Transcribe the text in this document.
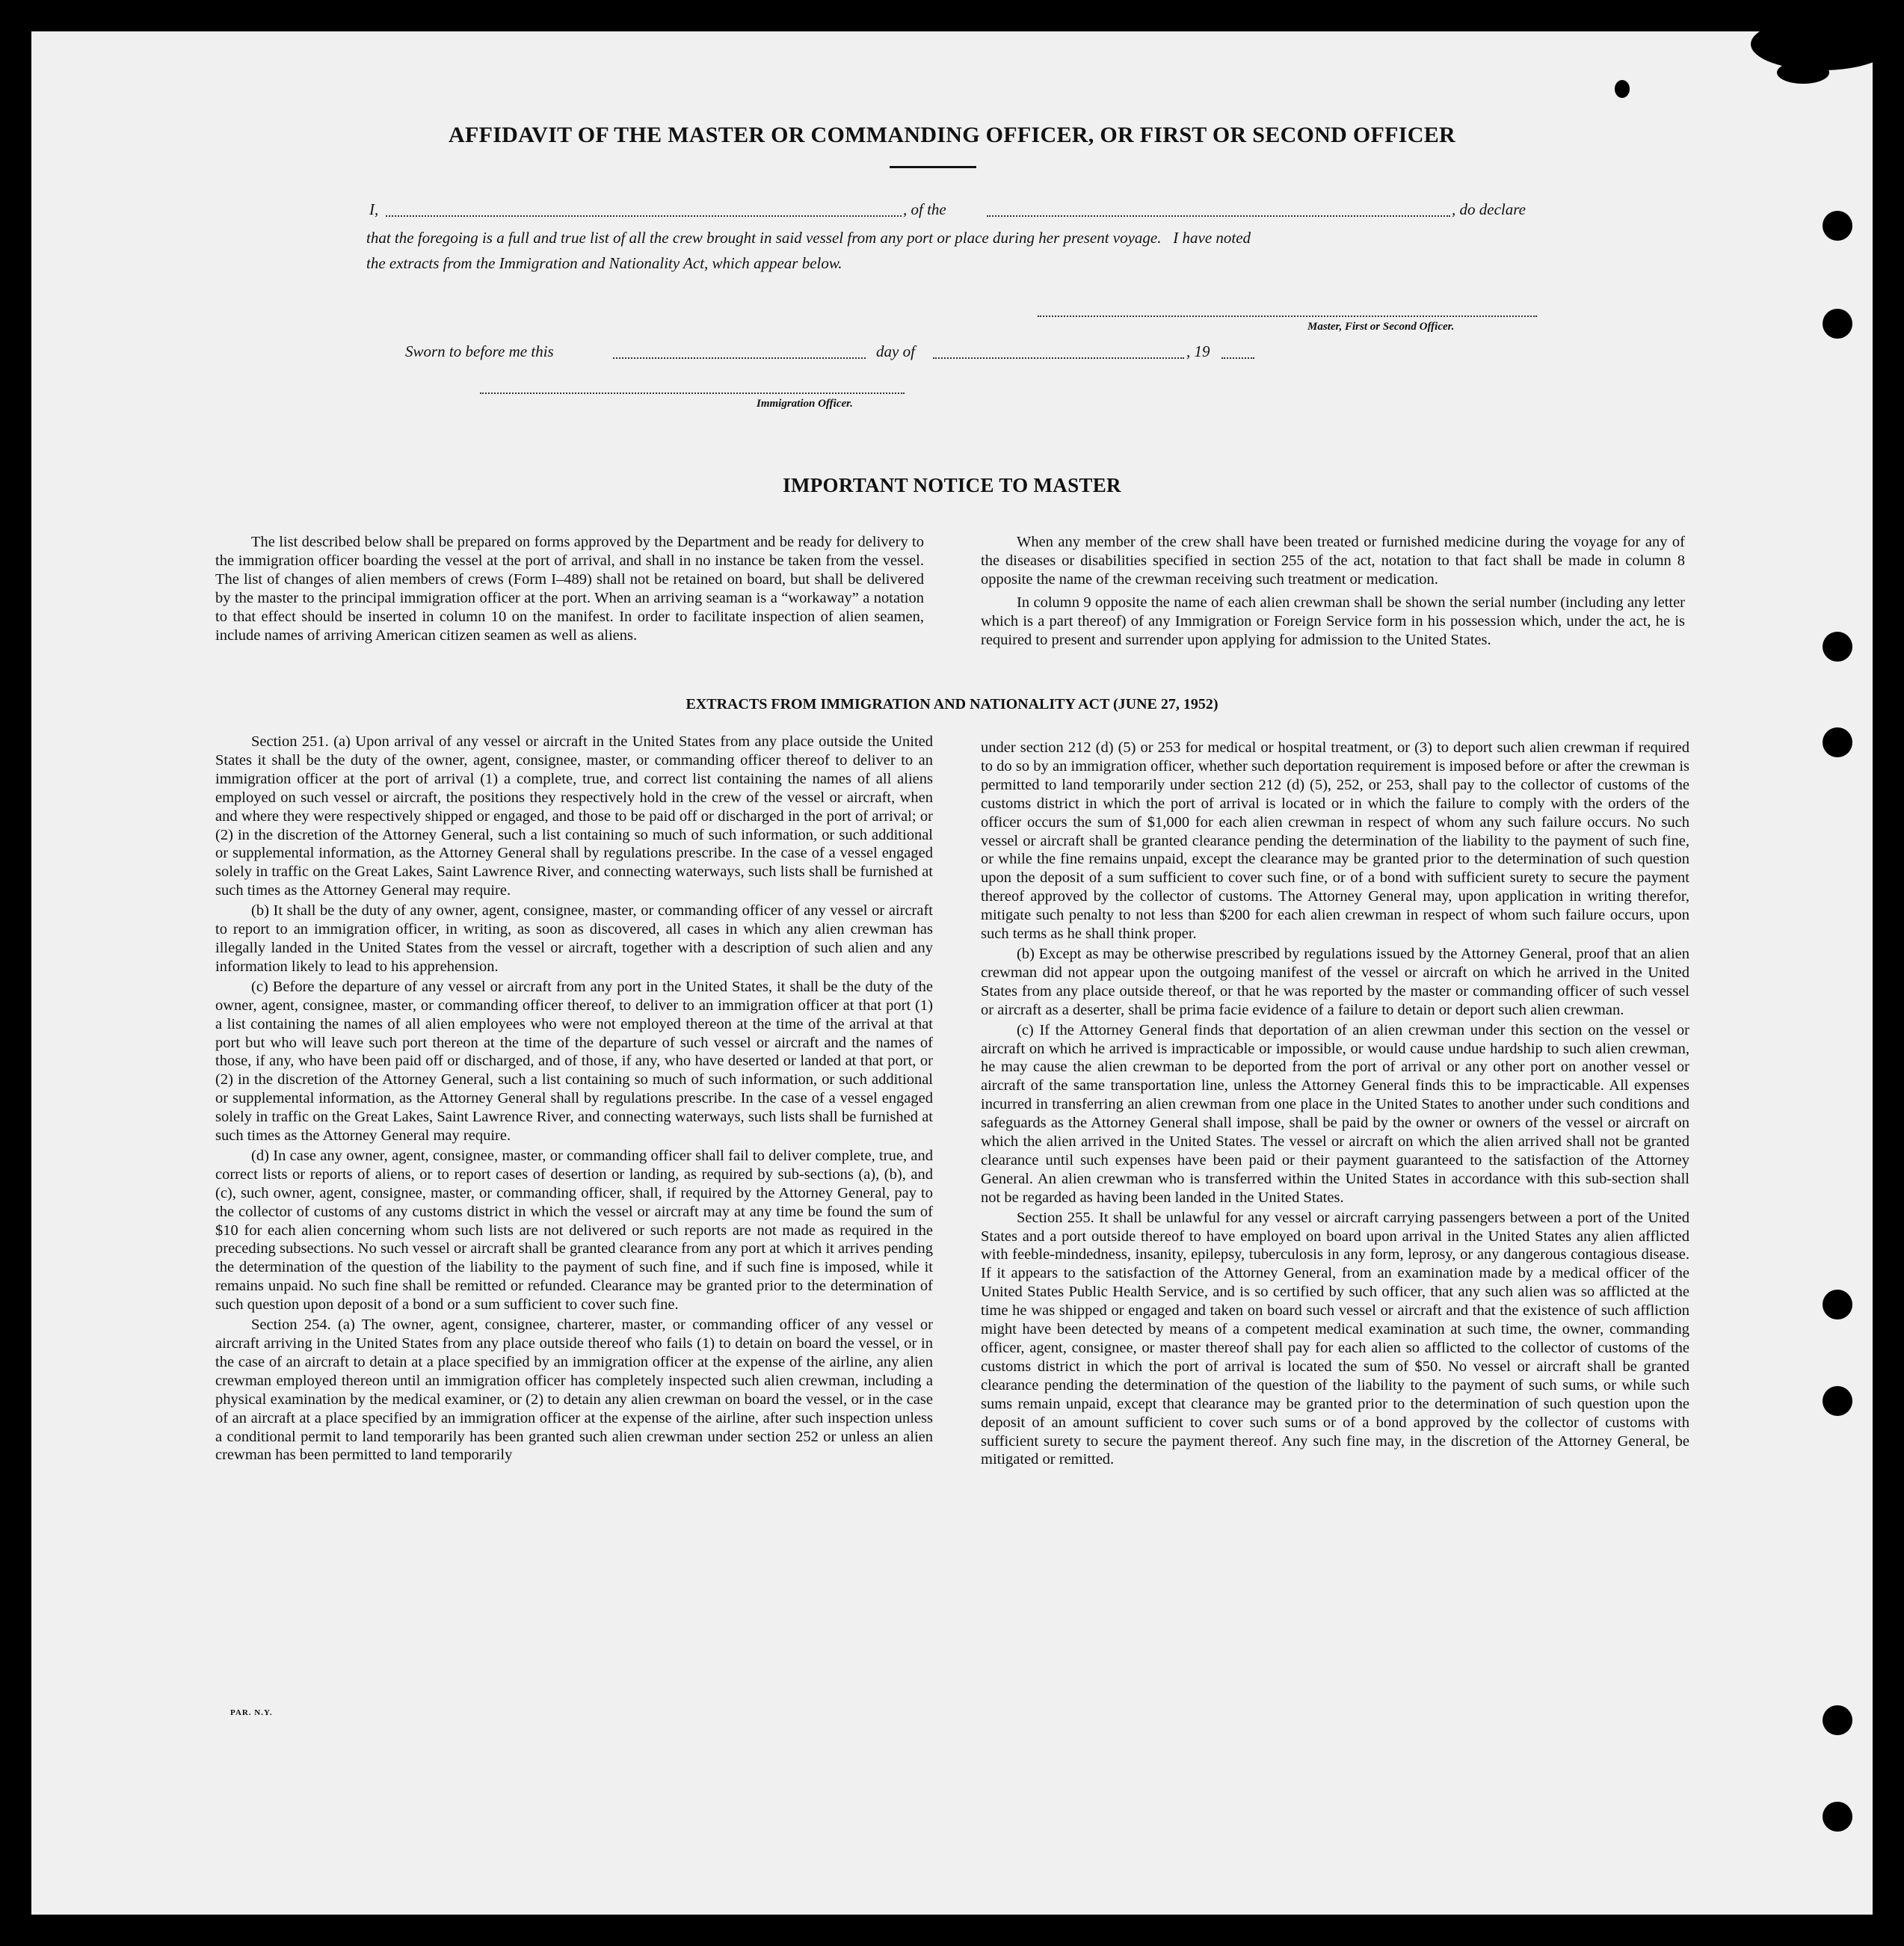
AFFIDAVIT OF THE MASTER OR COMMANDING OFFICER, OR FIRST OR SECOND OFFICER
I,	, of the	, do declare
that the foregoing is a full and true list of all the crew brought in said vessel from any port or place during her present voyage.   I have noted
the extracts from the Immigration and Nationality Act, which appear below.
Master, First or Second Officer.
Sworn to before me this	day of	, 19
Immigration Officer.
IMPORTANT NOTICE TO MASTER

The list described below shall be prepared on forms approved by the Department and be ready for delivery to the immigration officer boarding the vessel at the port of arrival, and shall in no instance be taken from the vessel. The list of changes of alien members of crews (Form I–489) shall not be retained on board, but shall be delivered by the master to the principal immigration officer at the port. When an arriving seaman is a “workaway” a notation to that effect should be inserted in column 10 on the manifest. In order to facilitate inspection of alien seamen, include names of arriving American citizen seamen as well as aliens.

When any member of the crew shall have been treated or furnished medicine during the voyage for any of the diseases or disabilities specified in section 255 of the act, notation to that fact shall be made in column 8 opposite the name of the crewman receiving such treatment or medication.

In column 9 opposite the name of each alien crewman shall be shown the serial number (including any letter which is a part thereof) of any Immigration or Foreign Service form in his possession which, under the act, he is required to present and surrender upon applying for admission to the United States.

EXTRACTS FROM IMMIGRATION AND NATIONALITY ACT (JUNE 27, 1952)

Section 251. (a) Upon arrival of any vessel or aircraft in the United States from any place outside the United States it shall be the duty of the owner, agent, consignee, master, or commanding officer thereof to deliver to an immigration officer at the port of arrival (1) a complete, true, and correct list containing the names of all aliens employed on such vessel or aircraft, the positions they respectively hold in the crew of the vessel or aircraft, when and where they were respectively shipped or engaged, and those to be paid off or discharged in the port of arrival; or (2) in the discretion of the Attorney General, such a list containing so much of such information, or such additional or supplemental information, as the Attorney General shall by regulations prescribe. In the case of a vessel engaged solely in traffic on the Great Lakes, Saint Lawrence River, and connecting waterways, such lists shall be furnished at such times as the Attorney General may require.

(b) It shall be the duty of any owner, agent, consignee, master, or commanding officer of any vessel or aircraft to report to an immigration officer, in writing, as soon as discovered, all cases in which any alien crewman has illegally landed in the United States from the vessel or aircraft, together with a description of such alien and any information likely to lead to his apprehension.

(c) Before the departure of any vessel or aircraft from any port in the United States, it shall be the duty of the owner, agent, consignee, master, or commanding officer thereof, to deliver to an immigration officer at that port (1) a list containing the names of all alien employees who were not employed thereon at the time of the arrival at that port but who will leave such port thereon at the time of the departure of such vessel or aircraft and the names of those, if any, who have been paid off or discharged, and of those, if any, who have deserted or landed at that port, or (2) in the discretion of the Attorney General, such a list containing so much of such information, or such additional or supplemental information, as the Attorney General shall by regulations prescribe. In the case of a vessel engaged solely in traffic on the Great Lakes, Saint Lawrence River, and connecting waterways, such lists shall be furnished at such times as the Attorney General may require.

(d) In case any owner, agent, consignee, master, or commanding officer shall fail to deliver complete, true, and correct lists or reports of aliens, or to report cases of desertion or landing, as required by sub-sections (a), (b), and (c), such owner, agent, consignee, master, or commanding officer, shall, if required by the Attorney General, pay to the collector of customs of any customs district in which the vessel or aircraft may at any time be found the sum of $10 for each alien concerning whom such lists are not delivered or such reports are not made as required in the preceding subsections. No such vessel or aircraft shall be granted clearance from any port at which it arrives pending the determination of the question of the liability to the payment of such fine, and if such fine is imposed, while it remains unpaid. No such fine shall be remitted or refunded. Clearance may be granted prior to the determination of such question upon deposit of a bond or a sum sufficient to cover such fine.

Section 254. (a) The owner, agent, consignee, charterer, master, or commanding officer of any vessel or aircraft arriving in the United States from any place outside thereof who fails (1) to detain on board the vessel, or in the case of an aircraft to detain at a place specified by an immigration officer at the expense of the airline, any alien crewman employed thereon until an immigration officer has completely inspected such alien crewman, including a physical examination by the medical examiner, or (2) to detain any alien crewman on board the vessel, or in the case of an aircraft at a place specified by an immigration officer at the expense of the airline, after such inspection unless a conditional permit to land temporarily has been granted such alien crewman under section 252 or unless an alien crewman has been permitted to land temporarily

under section 212 (d) (5) or 253 for medical or hospital treatment, or (3) to deport such alien crewman if required to do so by an immigration officer, whether such deportation requirement is imposed before or after the crewman is permitted to land temporarily under section 212 (d) (5), 252, or 253, shall pay to the collector of customs of the customs district in which the port of arrival is located or in which the failure to comply with the orders of the officer occurs the sum of $1,000 for each alien crewman in respect of whom any such failure occurs. No such vessel or aircraft shall be granted clearance pending the determination of the liability to the payment of such fine, or while the fine remains unpaid, except the clearance may be granted prior to the determination of such question upon the deposit of a sum sufficient to cover such fine, or of a bond with sufficient surety to secure the payment thereof approved by the collector of customs. The Attorney General may, upon application in writing therefor, mitigate such penalty to not less than $200 for each alien crewman in respect of whom such failure occurs, upon such terms as he shall think proper.

(b) Except as may be otherwise prescribed by regulations issued by the Attorney General, proof that an alien crewman did not appear upon the outgoing manifest of the vessel or aircraft on which he arrived in the United States from any place outside thereof, or that he was reported by the master or commanding officer of such vessel or aircraft as a deserter, shall be prima facie evidence of a failure to detain or deport such alien crewman.

(c) If the Attorney General finds that deportation of an alien crewman under this section on the vessel or aircraft on which he arrived is impracticable or impossible, or would cause undue hardship to such alien crewman, he may cause the alien crewman to be deported from the port of arrival or any other port on another vessel or aircraft of the same transportation line, unless the Attorney General finds this to be impracticable. All expenses incurred in transferring an alien crewman from one place in the United States to another under such conditions and safeguards as the Attorney General shall impose, shall be paid by the owner or owners of the vessel or aircraft on which the alien arrived in the United States. The vessel or aircraft on which the alien arrived shall not be granted clearance until such expenses have been paid or their payment guaranteed to the satisfaction of the Attorney General. An alien crewman who is transferred within the United States in accordance with this sub-section shall not be regarded as having been landed in the United States.

Section 255. It shall be unlawful for any vessel or aircraft carrying passengers between a port of the United States and a port outside thereof to have employed on board upon arrival in the United States any alien afflicted with feeble-mindedness, insanity, epilepsy, tuberculosis in any form, leprosy, or any dangerous contagious disease. If it appears to the satisfaction of the Attorney General, from an examination made by a medical officer of the United States Public Health Service, and is so certified by such officer, that any such alien was so afflicted at the time he was shipped or engaged and taken on board such vessel or aircraft and that the existence of such affliction might have been detected by means of a competent medical examination at such time, the owner, commanding officer, agent, consignee, or master thereof shall pay for each alien so afflicted to the collector of customs of the customs district in which the port of arrival is located the sum of $50. No vessel or aircraft shall be granted clearance pending the determination of the question of the liability to the payment of such sums, or while such sums remain unpaid, except that clearance may be granted prior to the determination of such question upon the deposit of an amount sufficient to cover such sums or of a bond approved by the collector of customs with sufficient surety to secure the payment thereof. Any such fine may, in the discretion of the Attorney General, be mitigated or remitted.

PAR. N.Y.
